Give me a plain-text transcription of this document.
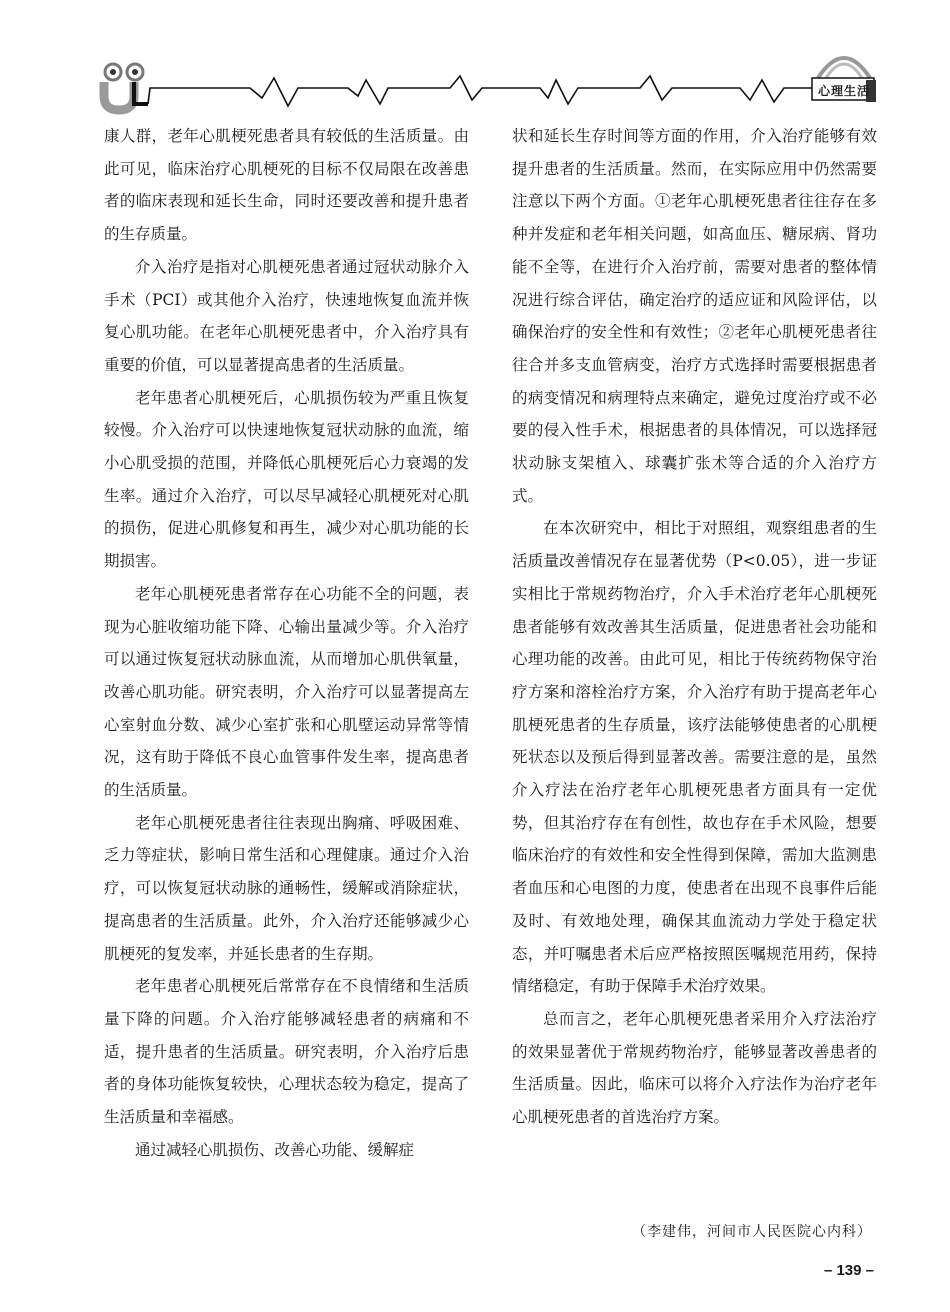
心理生活

康人群，老年心肌梗死患者具有较低的生活质量。由此可见，临床治疗心肌梗死的目标不仅局限在改善患者的临床表现和延长生命，同时还要改善和提升患者的生存质量。

介入治疗是指对心肌梗死患者通过冠状动脉介入手术（PCI）或其他介入治疗，快速地恢复血流并恢复心肌功能。在老年心肌梗死患者中，介入治疗具有重要的价值，可以显著提高患者的生活质量。

老年患者心肌梗死后，心肌损伤较为严重且恢复较慢。介入治疗可以快速地恢复冠状动脉的血流，缩小心肌受损的范围，并降低心肌梗死后心力衰竭的发生率。通过介入治疗，可以尽早减轻心肌梗死对心肌的损伤，促进心肌修复和再生，减少对心肌功能的长期损害。

老年心肌梗死患者常存在心功能不全的问题，表现为心脏收缩功能下降、心输出量减少等。介入治疗可以通过恢复冠状动脉血流，从而增加心肌供氧量，改善心肌功能。研究表明，介入治疗可以显著提高左心室射血分数、减少心室扩张和心肌壁运动异常等情况，这有助于降低不良心血管事件发生率，提高患者的生活质量。

老年心肌梗死患者往往表现出胸痛、呼吸困难、乏力等症状，影响日常生活和心理健康。通过介入治疗，可以恢复冠状动脉的通畅性，缓解或消除症状，提高患者的生活质量。此外，介入治疗还能够减少心肌梗死的复发率，并延长患者的生存期。

老年患者心肌梗死后常常存在不良情绪和生活质量下降的问题。介入治疗能够减轻患者的病痛和不适，提升患者的生活质量。研究表明，介入治疗后患者的身体功能恢复较快，心理状态较为稳定，提高了生活质量和幸福感。

通过减轻心肌损伤、改善心功能、缓解症

状和延长生存时间等方面的作用，介入治疗能够有效提升患者的生活质量。然而，在实际应用中仍然需要注意以下两个方面。①老年心肌梗死患者往往存在多种并发症和老年相关问题，如高血压、糖尿病、肾功能不全等，在进行介入治疗前，需要对患者的整体情况进行综合评估，确定治疗的适应证和风险评估，以确保治疗的安全性和有效性；②老年心肌梗死患者往往合并多支血管病变，治疗方式选择时需要根据患者的病变情况和病理特点来确定，避免过度治疗或不必要的侵入性手术，根据患者的具体情况，可以选择冠状动脉支架植入、球囊扩张术等合适的介入治疗方式。

在本次研究中，相比于对照组，观察组患者的生活质量改善情况存在显著优势（P<0.05），进一步证实相比于常规药物治疗，介入手术治疗老年心肌梗死患者能够有效改善其生活质量，促进患者社会功能和心理功能的改善。由此可见，相比于传统药物保守治疗方案和溶栓治疗方案，介入治疗有助于提高老年心肌梗死患者的生存质量，该疗法能够使患者的心肌梗死状态以及预后得到显著改善。需要注意的是，虽然介入疗法在治疗老年心肌梗死患者方面具有一定优势，但其治疗存在有创性，故也存在手术风险，想要临床治疗的有效性和安全性得到保障，需加大监测患者血压和心电图的力度，使患者在出现不良事件后能及时、有效地处理，确保其血流动力学处于稳定状态，并叮嘱患者术后应严格按照医嘱规范用药，保持情绪稳定，有助于保障手术治疗效果。

总而言之，老年心肌梗死患者采用介入疗法治疗的效果显著优于常规药物治疗，能够显著改善患者的生活质量。因此，临床可以将介入疗法作为治疗老年心肌梗死患者的首选治疗方案。

（李建伟，河间市人民医院心内科）
– 139 –
